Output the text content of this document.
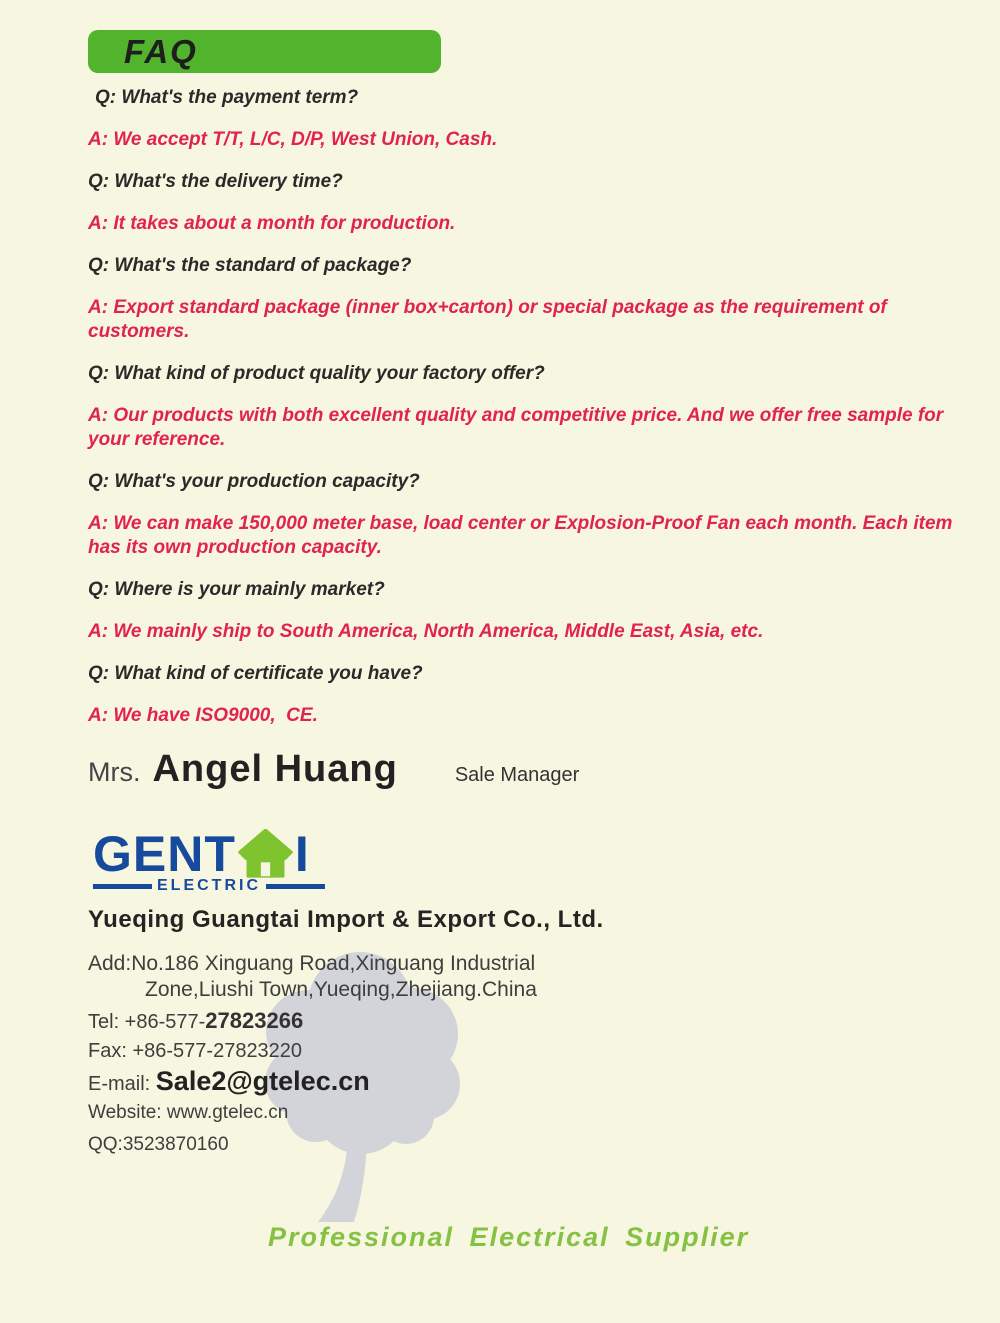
FAQ

Q: What's the payment term?

A: We accept T/T, L/C, D/P, West Union, Cash.

Q: What's the delivery time?

A: It takes about a month for production.

Q: What's the standard of package?

A: Export standard package (inner box+carton) or special package as the requirement of customers.

Q: What kind of product quality your factory offer?

A: Our products with both excellent quality and competitive price. And we offer free sample for your reference.

Q: What's your production capacity?

A: We can make 150,000 meter base, load center or Explosion-Proof Fan each month. Each item has its own production capacity.

Q: Where is your mainly market?

A: We mainly ship to South America, North America, Middle East, Asia, etc.

Q: What kind of certificate you have?

A: We have ISO9000,  CE.

Mrs. Angel Huang	Sale Manager
GENT I
ELECTRIC
Yueqing Guangtai Import & Export Co., Ltd.
Add:No.186 Xinguang Road,Xinguang Industrial
Zone,Liushi Town,Yueqing,Zhejiang.China
Tel: +86-577-27823266
Fax: +86-577-27823220
E-mail: Sale2@gtelec.cn
Website: www.gtelec.cn
QQ:3523870160
Professional Electrical Supplier
